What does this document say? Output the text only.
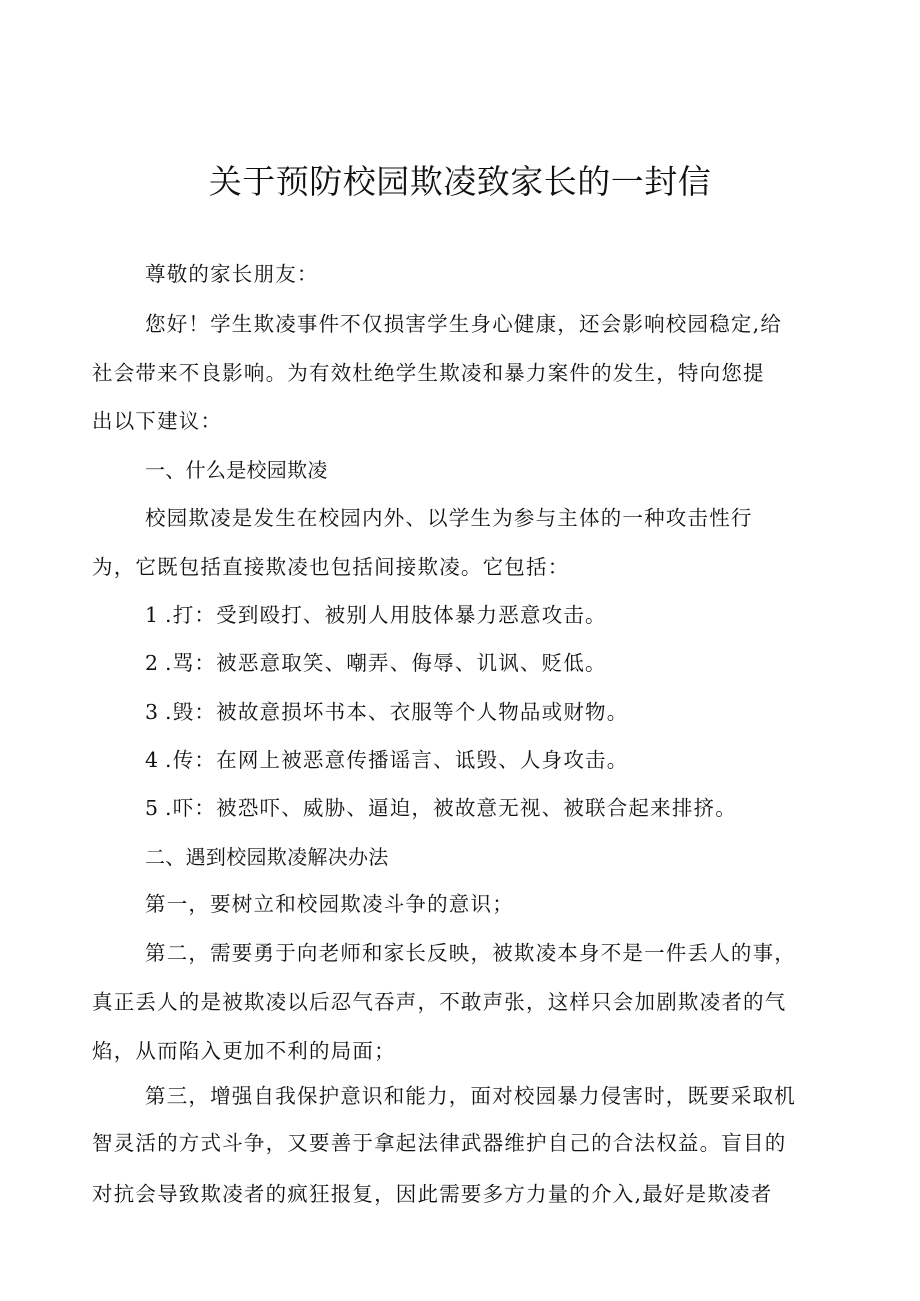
关于预防校园欺凌致家长的一封信

尊敬的家长朋友：

您好！学生欺凌事件不仅损害学生身心健康，还会影响校园稳定,给

社会带来不良影响。为有效杜绝学生欺凌和暴力案件的发生，特向您提

出以下建议：

一、什么是校园欺凌

校园欺凌是发生在校园内外、以学生为参与主体的一种攻击性行

为，它既包括直接欺凌也包括间接欺凌。它包括：

1 .打：受到殴打、被别人用肢体暴力恶意攻击。

2 .骂：被恶意取笑、嘲弄、侮辱、讥讽、贬低。

3 .毁：被故意损坏书本、衣服等个人物品或财物。

4 .传：在网上被恶意传播谣言、诋毁、人身攻击。

5 .吓：被恐吓、威胁、逼迫，被故意无视、被联合起来排挤。

二、遇到校园欺凌解决办法

第一，要树立和校园欺凌斗争的意识；

第二，需要勇于向老师和家长反映，被欺凌本身不是一件丢人的事，

真正丢人的是被欺凌以后忍气吞声，不敢声张，这样只会加剧欺凌者的气

焰，从而陷入更加不利的局面；

第三，增强自我保护意识和能力，面对校园暴力侵害时，既要采取机

智灵活的方式斗争，又要善于拿起法律武器维护自己的合法权益。盲目的

对抗会导致欺凌者的疯狂报复，因此需要多方力量的介入,最好是欺凌者
